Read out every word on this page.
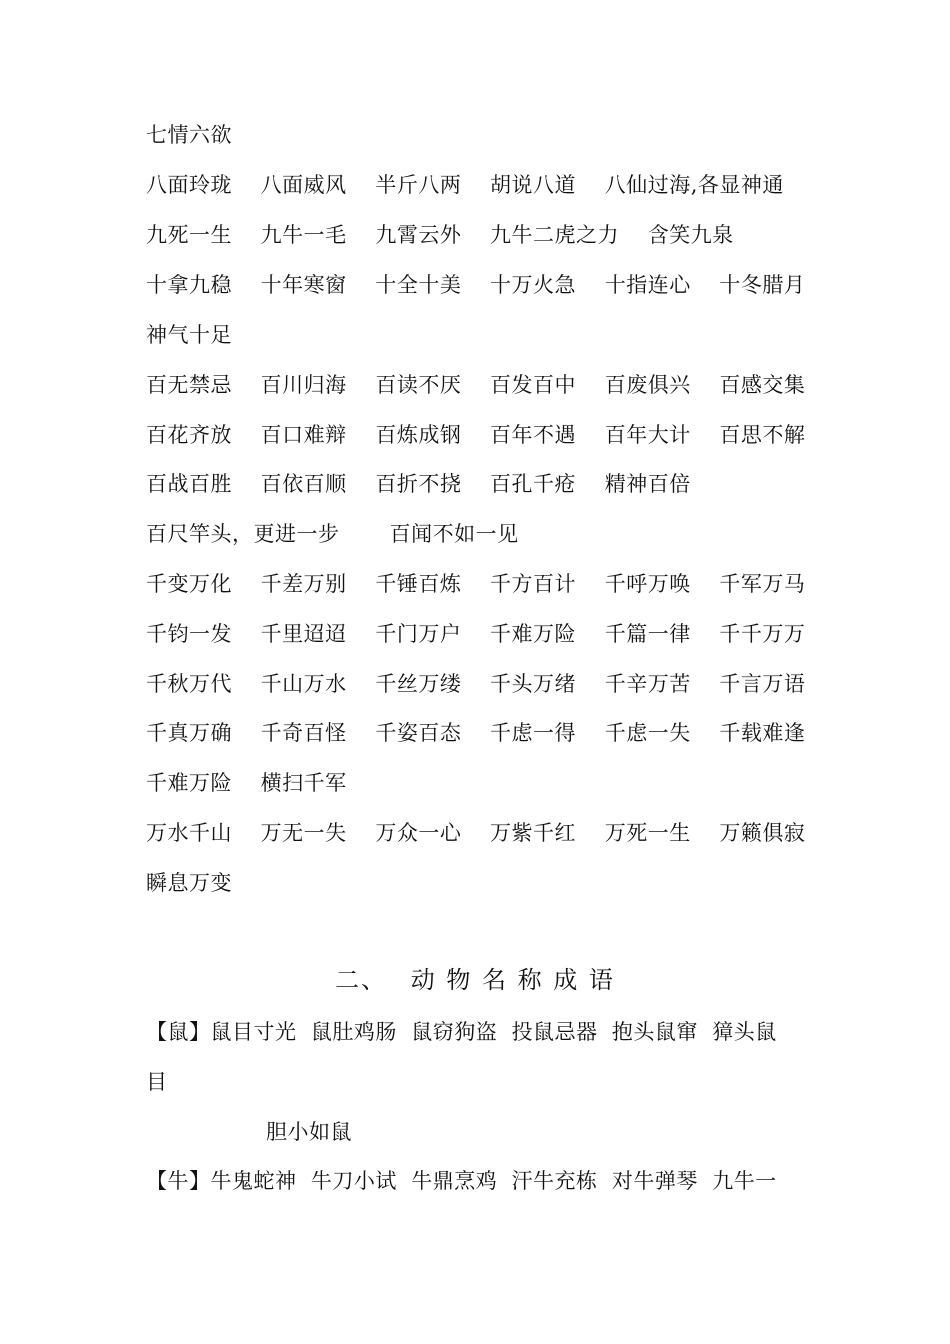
七情六欲
八面玲珑　 八面威风　 半斤八两　 胡说八道　 八仙过海,各显神通
九死一生　 九牛一毛　 九霄云外　 九牛二虎之力　 含笑九泉
十拿九稳　 十年寒窗　 十全十美　 十万火急　 十指连心　 十冬腊月
神气十足
百无禁忌　 百川归海　 百读不厌　 百发百中　 百废俱兴　 百感交集
百花齐放　 百口难辩　 百炼成钢　 百年不遇　 百年大计　 百思不解
百战百胜　 百依百顺　 百折不挠　 百孔千疮　 精神百倍
百尺竿头，更进一步　　 百闻不如一见
千变万化　 千差万别　 千锤百炼　 千方百计　 千呼万唤　 千军万马
千钧一发　 千里迢迢　 千门万户　 千难万险　 千篇一律　 千千万万
千秋万代　 千山万水　 千丝万缕　 千头万绪　 千辛万苦　 千言万语
千真万确　 千奇百怪　 千姿百态　 千虑一得　 千虑一失　 千载难逢
千难万险　 横扫千军
万水千山　 万无一失　 万众一心　 万紫千红　 万死一生　 万籁俱寂
瞬息万变
二、　 动 物 名 称 成 语
【鼠】鼠目寸光  鼠肚鸡肠  鼠窃狗盗  投鼠忌器  抱头鼠窜  獐头鼠
目
胆小如鼠
【牛】牛鬼蛇神  牛刀小试  牛鼎烹鸡  汗牛充栋  对牛弹琴  九牛一
